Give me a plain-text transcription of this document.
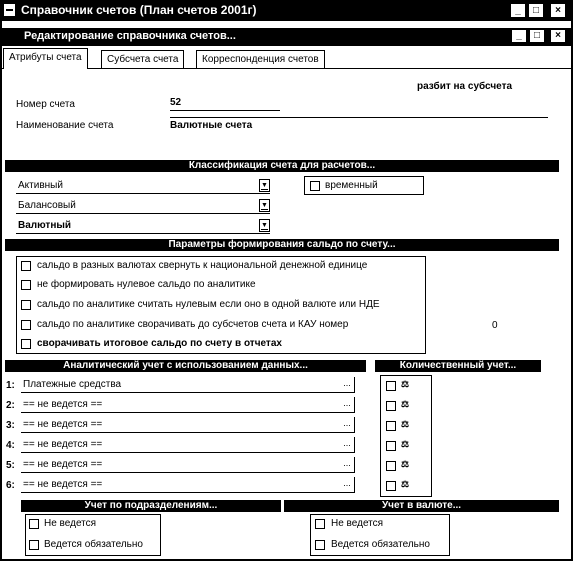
Справочник счетов (План счетов 2001г)	_	□	×
Редактирование справочника счетов...	_	□	×
Атрибуты счета	Субсчета счета	Корреспонденция счетов
разбит на субсчета
Номер счета	52
Наименование счета	Валютные счета
Классификация счета для расчетов...
Активный	▼
Балансовый	▼
Валютный	▼
временный
Параметры формирования сальдо по счету...
сальдо в разных валютах свернуть к национальной денежной единице
не формировать нулевое сальдо по аналитике
сальдо по аналитике считать нулевым если оно в одной валюте или НДЕ
сальдо по аналитике сворачивать до субсчетов счета и КАУ номер	0
сворачивать итоговое сальдо по счету в отчетах
Аналитический учет с использованием данных...	Количественный учет...
1: Платежные средства	...
2: == не ведется ==	...
3: == не ведется ==	...
4: == не ведется ==	...
5: == не ведется ==	...
6: == не ведется ==	...
⚖
⚖
⚖
⚖
⚖
⚖
Учет по подразделениям...
Не ведется
Ведется обязательно
Учет в валюте...
Не ведется
Ведется обязательно
